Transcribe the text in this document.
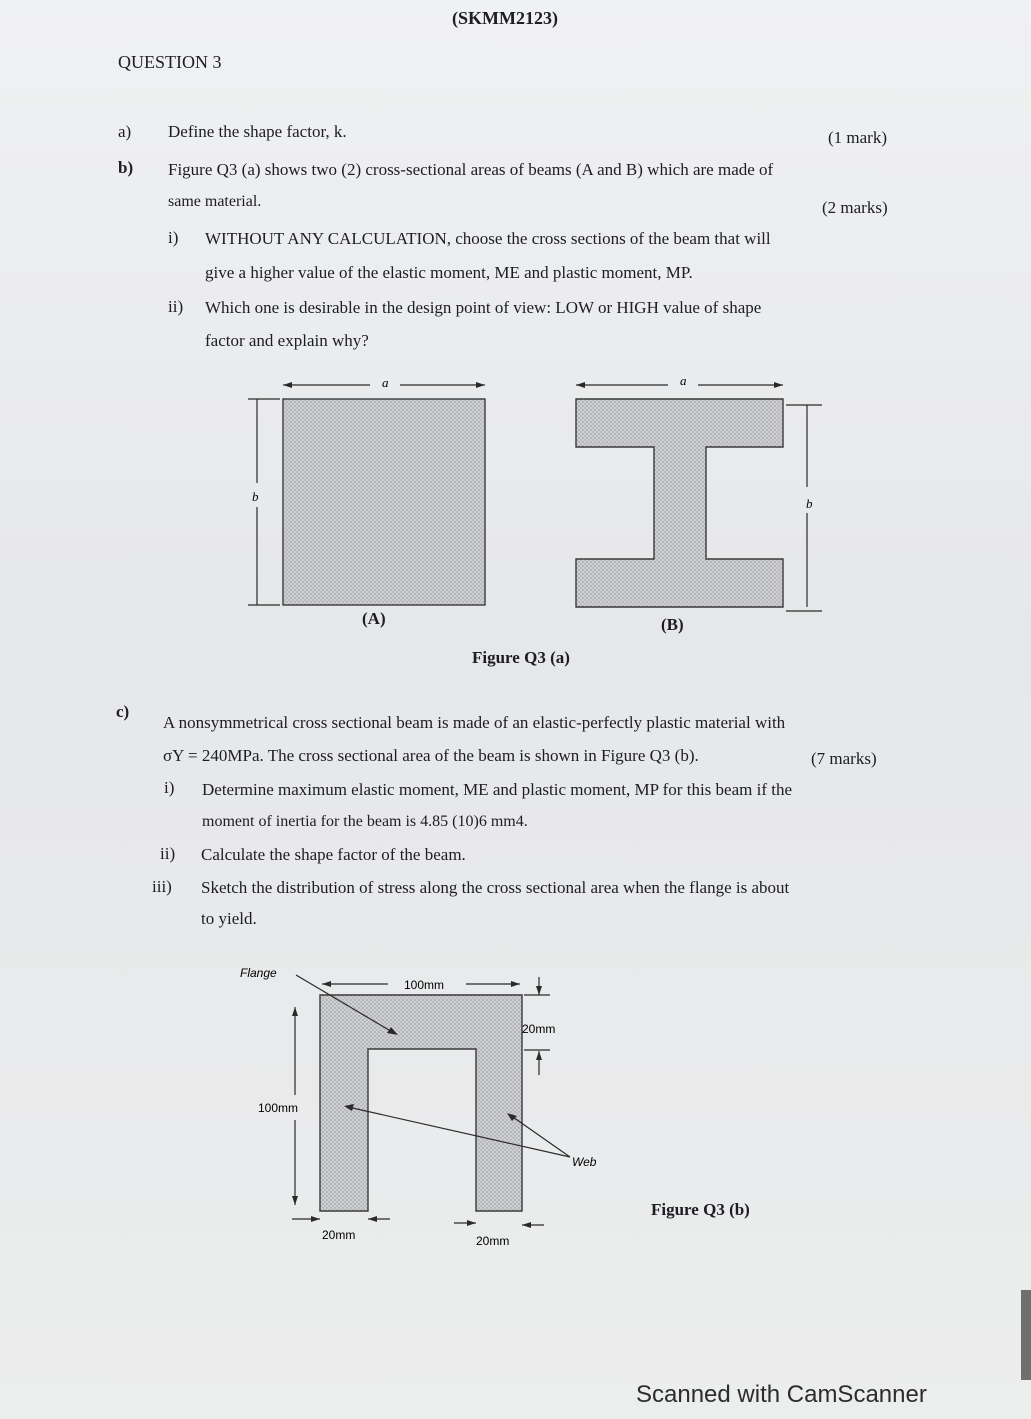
(SKMM2123)
QUESTION 3
a) Define the shape factor, k.	(1 mark)
b) Figure Q3 (a) shows two (2) cross-sectional areas of beams (A and B) which are made of
same material.	(2 marks)
i) WITHOUT ANY CALCULATION, choose the cross sections of the beam that will
give a higher value of the elastic moment, ME and plastic moment, MP.
ii) Which one is desirable in the design point of view: LOW or HIGH value of shape
factor and explain why?
a
b
a
b
(A)	(B)
Figure Q3 (a)
c)
A nonsymmetrical cross sectional beam is made of an elastic-perfectly plastic material with
σY = 240MPa. The cross sectional area of the beam is shown in Figure Q3 (b).	(7 marks)
i) Determine maximum elastic moment, ME and plastic moment, MP for this beam if the
moment of inertia for the beam is 4.85 (10)6 mm4.
ii) Calculate the shape factor of the beam.
iii) Sketch the distribution of stress along the cross sectional area when the flange is about
to yield.
100mm
20mm
100mm
20mm	20mm
Flange
Web
Figure Q3 (b)
Scanned with CamScanner
